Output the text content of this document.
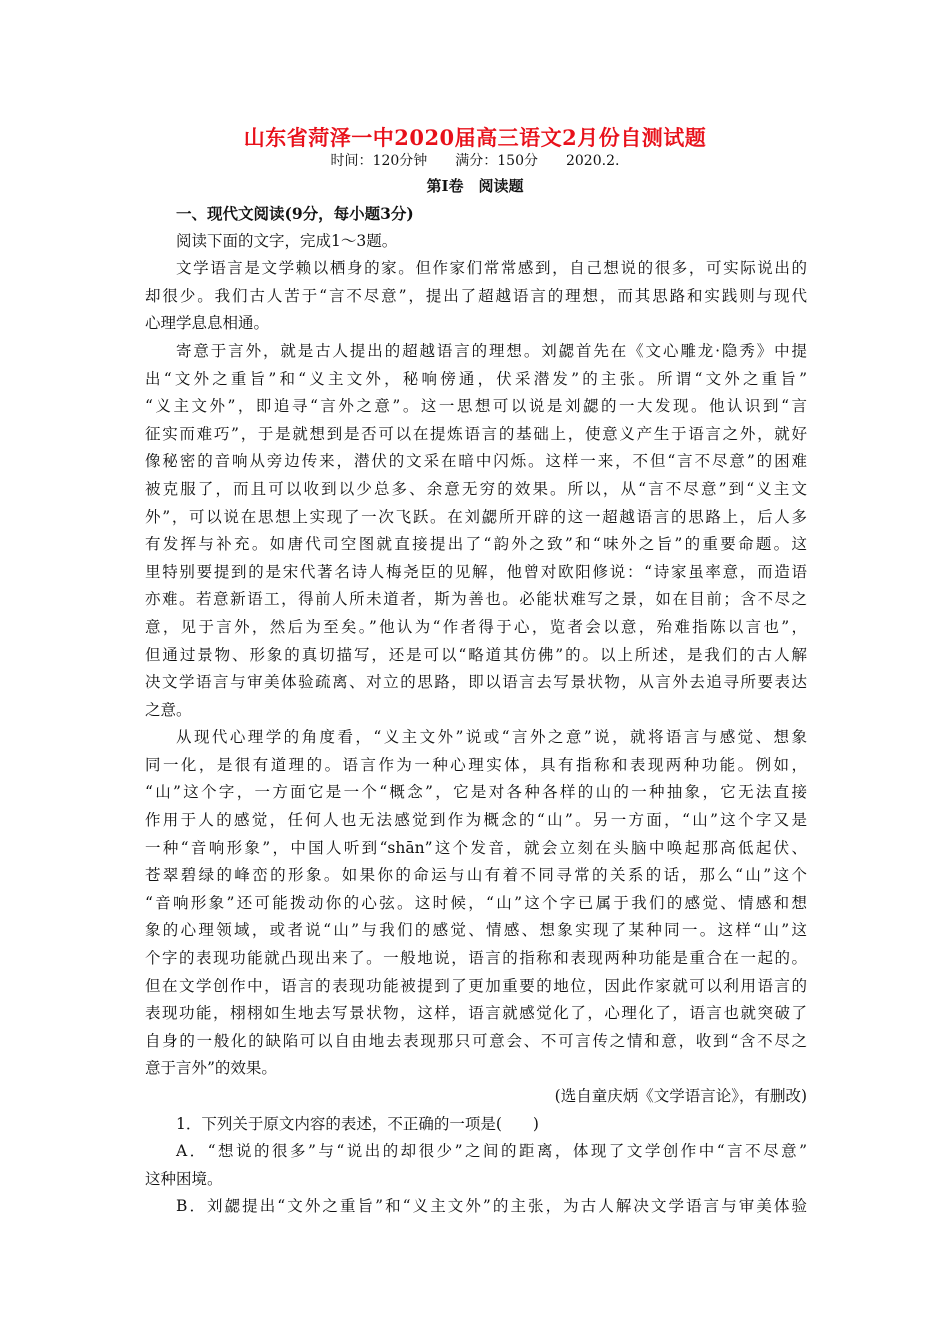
山东省菏泽一中2020届高三语文2月份自测试题
时间：120分钟　　满分：150分　　2020.2.
第Ⅰ卷　阅读题
一、现代文阅读(9分，每小题3分)
阅读下面的文字，完成1～3题。
文学语言是文学赖以栖身的家。但作家们常常感到，自己想说的很多，可实际说出的
却很少。我们古人苦于“言不尽意”，提出了超越语言的理想，而其思路和实践则与现代
心理学息息相通。
寄意于言外，就是古人提出的超越语言的理想。刘勰首先在《文心雕龙·隐秀》中提
出“文外之重旨”和“义主文外，秘响傍通，伏采潜发”的主张。所谓“文外之重旨”
“义主文外”，即追寻“言外之意”。这一思想可以说是刘勰的一大发现。他认识到“言
征实而难巧”，于是就想到是否可以在提炼语言的基础上，使意义产生于语言之外，就好
像秘密的音响从旁边传来，潜伏的文采在暗中闪烁。这样一来，不但“言不尽意”的困难
被克服了，而且可以收到以少总多、余意无穷的效果。所以，从“言不尽意”到“义主文
外”，可以说在思想上实现了一次飞跃。在刘勰所开辟的这一超越语言的思路上，后人多
有发挥与补充。如唐代司空图就直接提出了“韵外之致”和“味外之旨”的重要命题。这
里特别要提到的是宋代著名诗人梅尧臣的见解，他曾对欧阳修说：“诗家虽率意，而造语
亦难。若意新语工，得前人所未道者，斯为善也。必能状难写之景，如在目前；含不尽之
意，见于言外，然后为至矣。”他认为“作者得于心，览者会以意，殆难指陈以言也”，
但通过景物、形象的真切描写，还是可以“略道其仿佛”的。以上所述，是我们的古人解
决文学语言与审美体验疏离、对立的思路，即以语言去写景状物，从言外去追寻所要表达
之意。
从现代心理学的角度看，“义主文外”说或“言外之意”说，就将语言与感觉、想象
同一化，是很有道理的。语言作为一种心理实体，具有指称和表现两种功能。例如，
“山”这个字，一方面它是一个“概念”，它是对各种各样的山的一种抽象，它无法直接
作用于人的感觉，任何人也无法感觉到作为概念的“山”。另一方面，“山”这个字又是
一种“音响形象”，中国人听到“shān”这个发音，就会立刻在头脑中唤起那高低起伏、
苍翠碧绿的峰峦的形象。如果你的命运与山有着不同寻常的关系的话，那么“山”这个
“音响形象”还可能拨动你的心弦。这时候，“山”这个字已属于我们的感觉、情感和想
象的心理领域，或者说“山”与我们的感觉、情感、想象实现了某种同一。这样“山”这
个字的表现功能就凸现出来了。一般地说，语言的指称和表现两种功能是重合在一起的。
但在文学创作中，语言的表现功能被提到了更加重要的地位，因此作家就可以利用语言的
表现功能，栩栩如生地去写景状物，这样，语言就感觉化了，心理化了，语言也就突破了
自身的一般化的缺陷可以自由地去表现那只可意会、不可言传之情和意，收到“含不尽之
意于言外”的效果。
(选自童庆炳《文学语言论》，有删改)
1．下列关于原文内容的表述，不正确的一项是(　　)
A．“想说的很多”与“说出的却很少”之间的距离，体现了文学创作中“言不尽意”
这种困境。
B．刘勰提出“文外之重旨”和“义主文外”的主张，为古人解决文学语言与审美体验
